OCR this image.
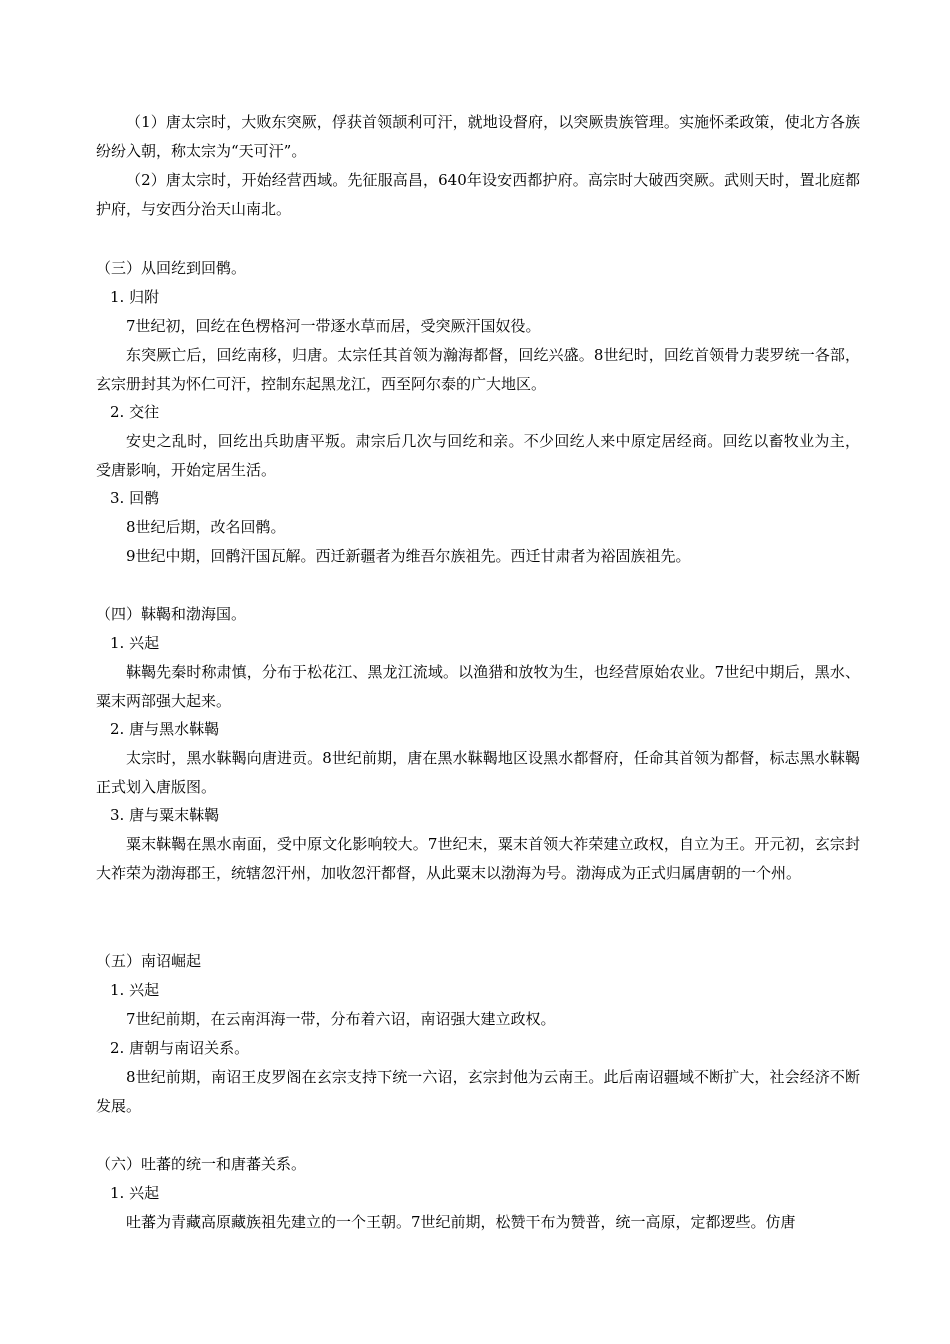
（1）唐太宗时，大败东突厥，俘获首领颉利可汗，就地设督府，以突厥贵族管理。实施怀柔政策，使北方各族纷纷入朝，称太宗为“天可汗”。
（2）唐太宗时，开始经营西域。先征服高昌，640年设安西都护府。高宗时大破西突厥。武则天时，置北庭都护府，与安西分治天山南北。
（三）从回纥到回鹘。
1. 归附
7世纪初，回纥在色楞格河一带逐水草而居，受突厥汗国奴役。
东突厥亡后，回纥南移，归唐。太宗任其首领为瀚海都督，回纥兴盛。8世纪时，回纥首领骨力裴罗统一各部，玄宗册封其为怀仁可汗，控制东起黑龙江，西至阿尔泰的广大地区。
2. 交往
安史之乱时，回纥出兵助唐平叛。肃宗后几次与回纥和亲。不少回纥人来中原定居经商。回纥以畜牧业为主，受唐影响，开始定居生活。
3. 回鹘
8世纪后期，改名回鹘。
9世纪中期，回鹘汗国瓦解。西迁新疆者为维吾尔族祖先。西迁甘肃者为裕固族祖先。
（四）靺鞨和渤海国。
1. 兴起
靺鞨先秦时称肃慎，分布于松花江、黑龙江流域。以渔猎和放牧为生，也经营原始农业。7世纪中期后，黑水、粟末两部强大起来。
2. 唐与黑水靺鞨
太宗时，黑水靺鞨向唐进贡。8世纪前期，唐在黑水靺鞨地区设黑水都督府，任命其首领为都督，标志黑水靺鞨正式划入唐版图。
3. 唐与粟末靺鞨
粟末靺鞨在黑水南面，受中原文化影响较大。7世纪末，粟末首领大祚荣建立政权，自立为王。开元初，玄宗封大祚荣为渤海郡王，统辖忽汗州，加收忽汗都督，从此粟末以渤海为号。渤海成为正式归属唐朝的一个州。
（五）南诏崛起
1. 兴起
7世纪前期，在云南洱海一带，分布着六诏，南诏强大建立政权。
2. 唐朝与南诏关系。
8世纪前期，南诏王皮罗阁在玄宗支持下统一六诏，玄宗封他为云南王。此后南诏疆域不断扩大，社会经济不断发展。
（六）吐蕃的统一和唐蕃关系。
1. 兴起
吐蕃为青藏高原藏族祖先建立的一个王朝。7世纪前期，松赞干布为赞普，统一高原，定都逻些。仿唐
